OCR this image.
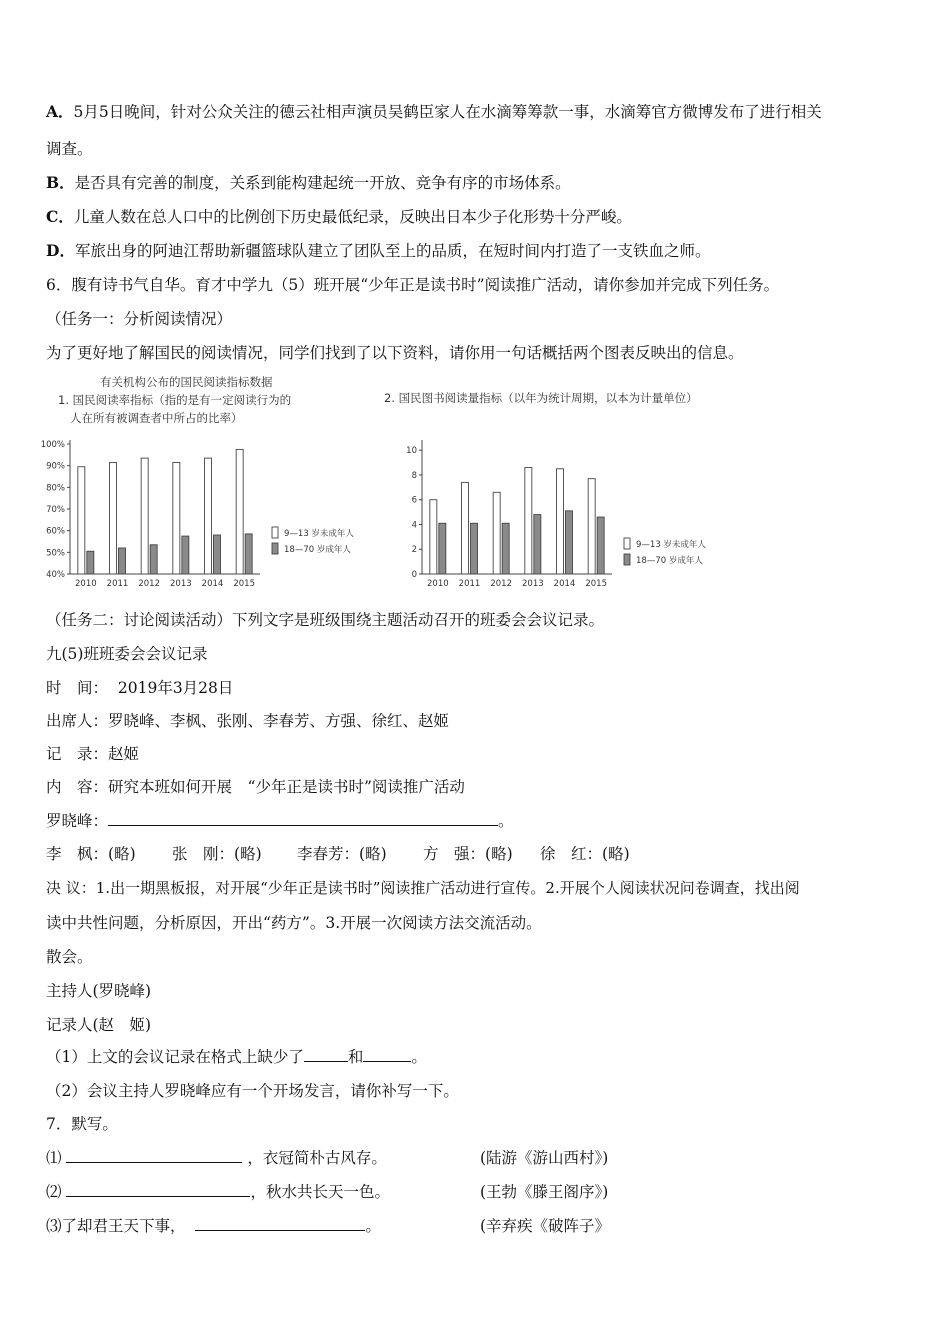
A．5月5日晚间，针对公众关注的德云社相声演员吴鹤臣家人在水滴筹筹款一事，水滴筹官方微博发布了进行相关
调查。
B．是否具有完善的制度，关系到能构建起统一开放、竞争有序的市场体系。
C．儿童人数在总人口中的比例创下历史最低纪录，反映出日本少子化形势十分严峻。
D．军旅出身的阿迪江帮助新疆篮球队建立了团队至上的品质，在短时间内打造了一支铁血之师。
6．腹有诗书气自华。育才中学九（5）班开展“少年正是读书时”阅读推广活动，请你参加并完成下列任务。
（任务一：分析阅读情况）
为了更好地了解国民的阅读情况，同学们找到了以下资料，请你用一句话概括两个图表反映出的信息。
有关机构公布的国民阅读指标数据
1. 国民阅读率指标（指的是有一定阅读行为的
人在所有被调查者中所占的比率）
2. 国民图书阅读量指标（以年为统计周期，以本为计量单位）
100%
90%
80%
70%
60%
50%
40%
2010 2011 2012 2013 2014 2015
9—13 岁未成年人
18—70 岁成年人
10
8
6
4
2
0
2010 2011 2012 2013 2014 2015
9—13 岁未成年人
18—70 岁成年人
（任务二：讨论阅读活动）下列文字是班级围绕主题活动召开的班委会会议记录。
九(5)班班委会会议记录
时　间： 2019年3月28日
出席人：罗晓峰、李枫、张刚、李春芳、方强、徐红、赵姬
记　录：赵姬
内　容：研究本班如何开展　“少年正是读书时”阅读推广活动
罗晓峰：	。
李　枫：(略) 张　刚：(略) 李春芳：(略) 方　强：(略) 徐　红：(略)
决 议：1.出一期黑板报，对开展“少年正是读书时”阅读推广活动进行宣传。2.开展个人阅读状况问卷调查，找出阅
读中共性问题，分析原因，开出“药方”。3.开展一次阅读方法交流活动。
散会。
主持人(罗晓峰)
记录人(赵　姬)
（1）上文的会议记录在格式上缺少了	和	。
（2）会议主持人罗晓峰应有一个开场发言，请你补写一下。
7．默写。
⑴	，衣冠简朴古风存。	(陆游《游山西村》)
⑵	，秋水共长天一色。	(王勃《滕王阁序》)
⑶了却君王天下事，	。	(辛弃疾《破阵子》
